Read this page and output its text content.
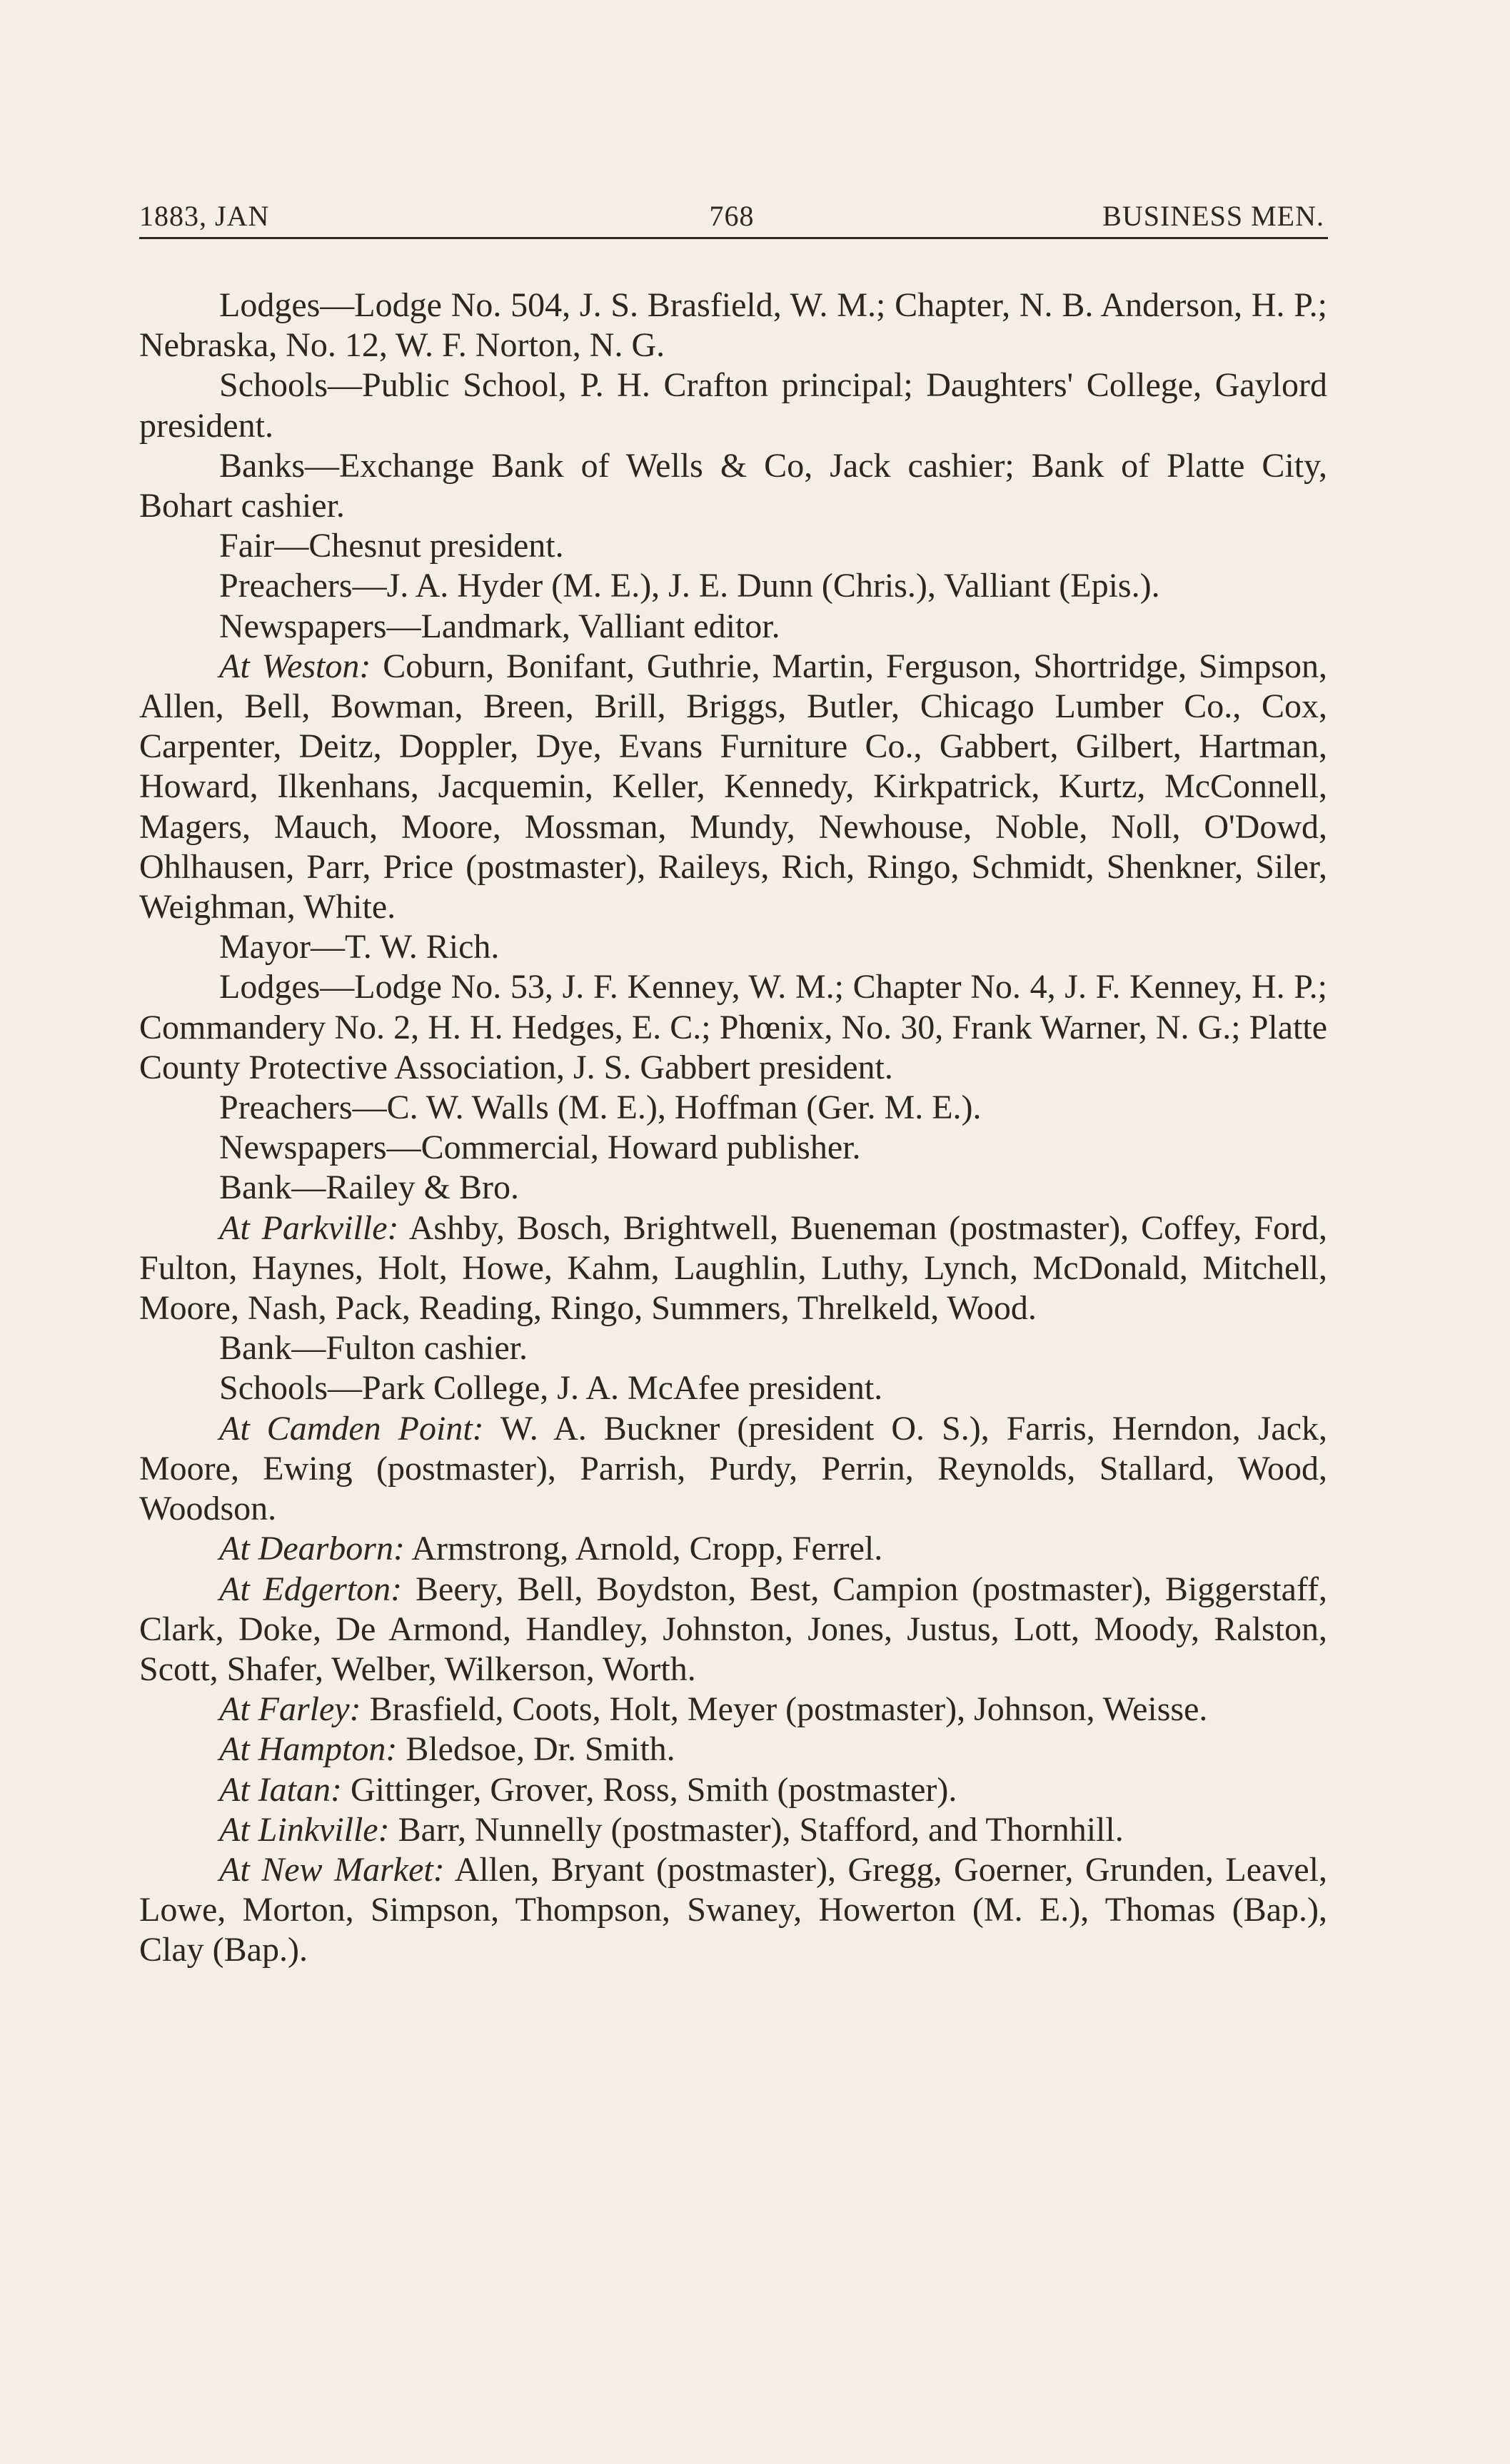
1883, JAN	768	BUSINESS MEN.

Lodges—Lodge No. 504, J. S. Brasfield, W. M.; Chapter, N. B. Anderson, H. P.; Nebraska, No. 12, W. F. Norton, N. G.

Schools—Public School, P. H. Crafton principal; Daughters' College, Gaylord president.

Banks—Exchange Bank of Wells & Co, Jack cashier; Bank of Platte City, Bohart cashier.

Fair—Chesnut president.

Preachers—J. A. Hyder (M. E.), J. E. Dunn (Chris.), Valliant (Epis.).

Newspapers—Landmark, Valliant editor.

At Weston: Coburn, Bonifant, Guthrie, Martin, Ferguson, Shortridge, Simpson, Allen, Bell, Bowman, Breen, Brill, Briggs, Butler, Chicago Lumber Co., Cox, Carpenter, Deitz, Doppler, Dye, Evans Furniture Co., Gabbert, Gilbert, Hartman, Howard, Ilkenhans, Jacquemin, Keller, Kennedy, Kirkpatrick, Kurtz, McConnell, Magers, Mauch, Moore, Mossman, Mundy, Newhouse, Noble, Noll, O'Dowd, Ohlhausen, Parr, Price (postmaster), Raileys, Rich, Ringo, Schmidt, Shenkner, Siler, Weighman, White.

Mayor—T. W. Rich.

Lodges—Lodge No. 53, J. F. Kenney, W. M.; Chapter No. 4, J. F. Kenney, H. P.; Commandery No. 2, H. H. Hedges, E. C.; Phœnix, No. 30, Frank Warner, N. G.; Platte County Protective Association, J. S. Gabbert president.

Preachers—C. W. Walls (M. E.), Hoffman (Ger. M. E.).

Newspapers—Commercial, Howard publisher.

Bank—Railey & Bro.

At Parkville: Ashby, Bosch, Brightwell, Bueneman (postmaster), Coffey, Ford, Fulton, Haynes, Holt, Howe, Kahm, Laughlin, Luthy, Lynch, McDonald, Mitchell, Moore, Nash, Pack, Reading, Ringo, Summers, Threlkeld, Wood.

Bank—Fulton cashier.

Schools—Park College, J. A. McAfee president.

At Camden Point: W. A. Buckner (president O. S.), Farris, Herndon, Jack, Moore, Ewing (postmaster), Parrish, Purdy, Perrin, Reynolds, Stallard, Wood, Woodson.

At Dearborn: Armstrong, Arnold, Cropp, Ferrel.

At Edgerton: Beery, Bell, Boydston, Best, Campion (postmaster), Biggerstaff, Clark, Doke, De Armond, Handley, Johnston, Jones, Justus, Lott, Moody, Ralston, Scott, Shafer, Welber, Wilkerson, Worth.

At Farley: Brasfield, Coots, Holt, Meyer (postmaster), Johnson, Weisse.

At Hampton: Bledsoe, Dr. Smith.

At Iatan: Gittinger, Grover, Ross, Smith (postmaster).

At Linkville: Barr, Nunnelly (postmaster), Stafford, and Thornhill.

At New Market: Allen, Bryant (postmaster), Gregg, Goerner, Grunden, Leavel, Lowe, Morton, Simpson, Thompson, Swaney, Howerton (M. E.), Thomas (Bap.), Clay (Bap.).
